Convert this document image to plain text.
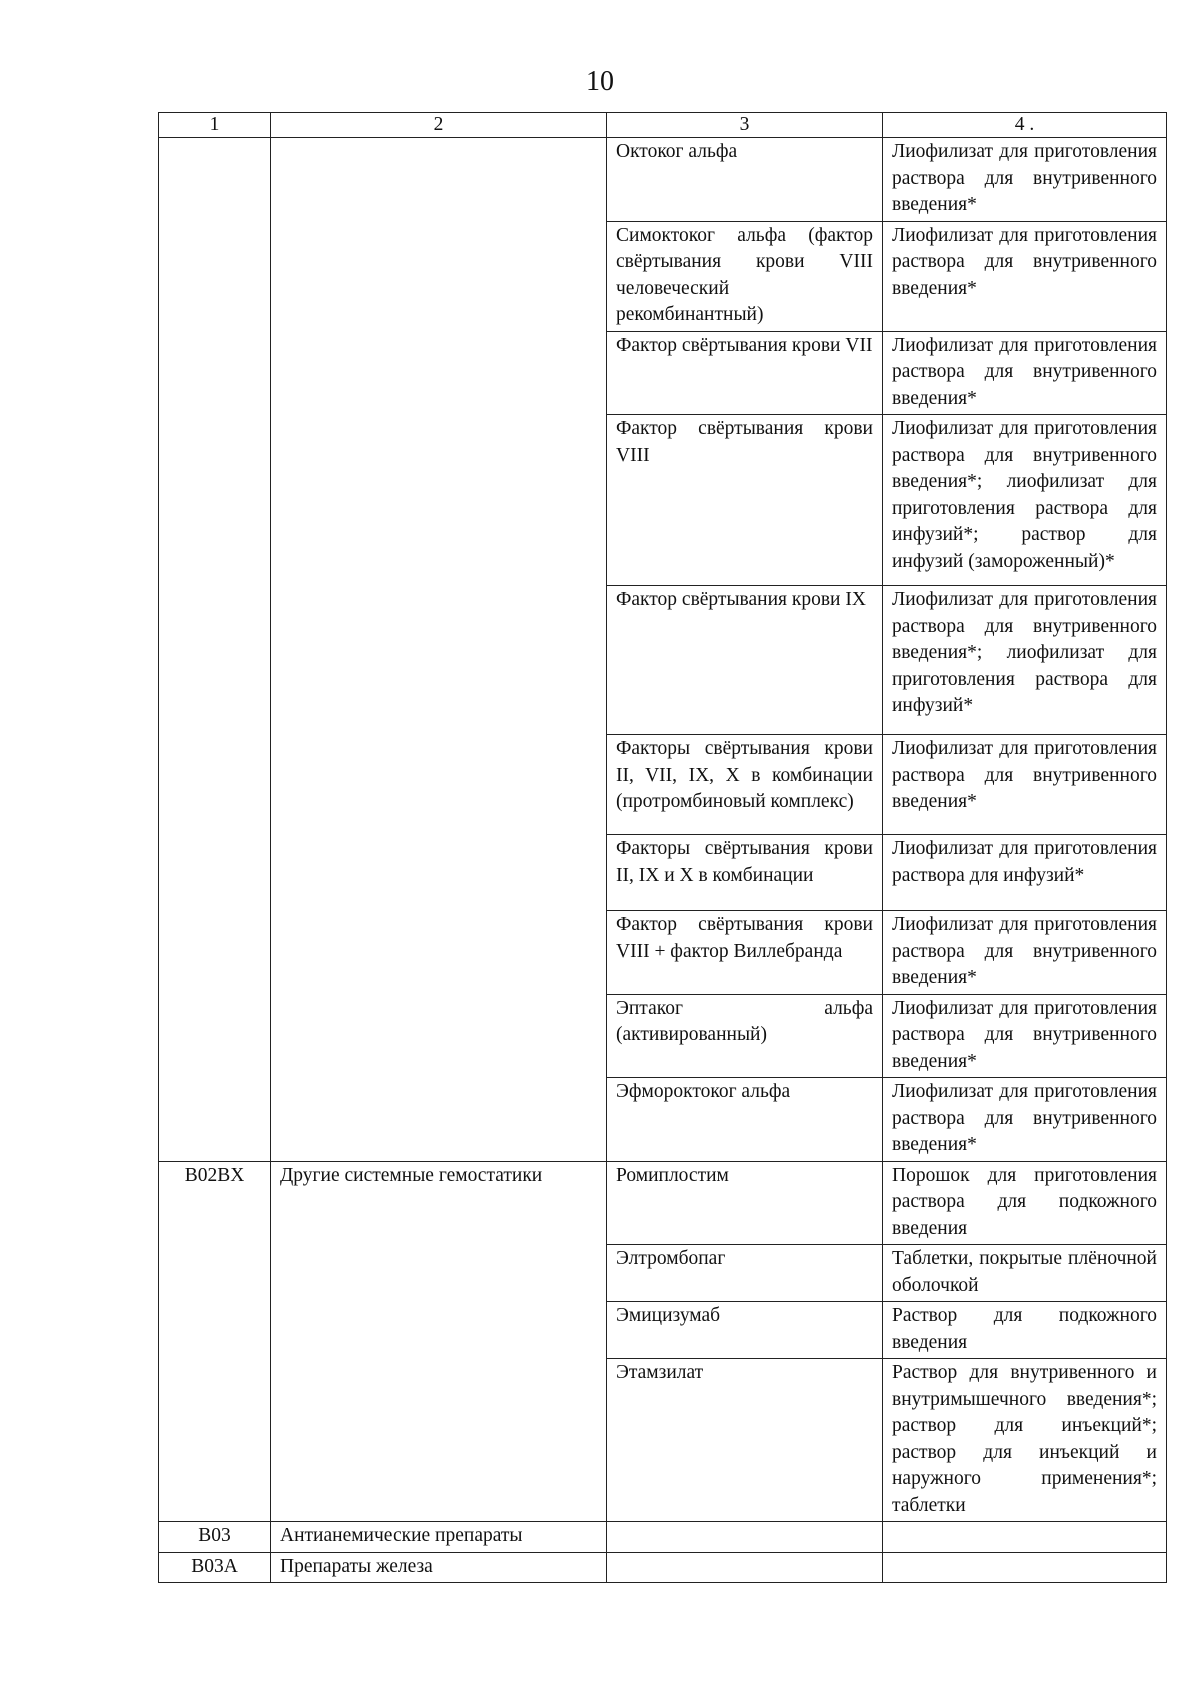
10
1	2	3	4 .
		Октоког альфа	Лиофилизат для приготовления раствора для внутривенного введения*
		Симоктоког альфа (фактор свёртывания крови VIII человеческий рекомбинантный)	Лиофилизат для приготовления раствора для внутривенного введения*
		Фактор свёртывания крови VII	Лиофилизат для приготовления раствора для внутривенного введения*
		Фактор свёртывания крови VIII	Лиофилизат для приготовления раствора для внутривенного введения*; лиофилизат для приготовления раствора для инфузий*; раствор для инфузий (замороженный)*
		Фактор свёртывания крови IX	Лиофилизат для приготовления раствора для внутривенного введения*; лиофилизат для приготовления раствора для инфузий*
		Факторы свёртывания крови II, VII, IX, X в комбинации (протромбиновый комплекс)	Лиофилизат для приготовления раствора для внутривенного введения*
		Факторы свёртывания крови II, IX и X в комбинации	Лиофилизат для приготовления раствора для инфузий*
		Фактор свёртывания крови VIII + фактор Виллебранда	Лиофилизат для приготовления раствора для внутривенного введения*
		Эптаког альфа (активированный)	Лиофилизат для приготовления раствора для внутривенного введения*
		Эфмороктоког альфа	Лиофилизат для приготовления раствора для внутривенного введения*
B02BX	Другие системные гемостатики	Ромиплостим	Порошок для приготовления раствора для подкожного введения
		Элтромбопаг	Таблетки, покрытые плёночной оболочкой
		Эмицизумаб	Раствор для подкожного введения
		Этамзилат	Раствор для внутривенного и внутримышечного введения*; раствор для инъекций*; раствор для инъекций и наружного применения*; таблетки
B03	Антианемические препараты		
B03A	Препараты железа		
